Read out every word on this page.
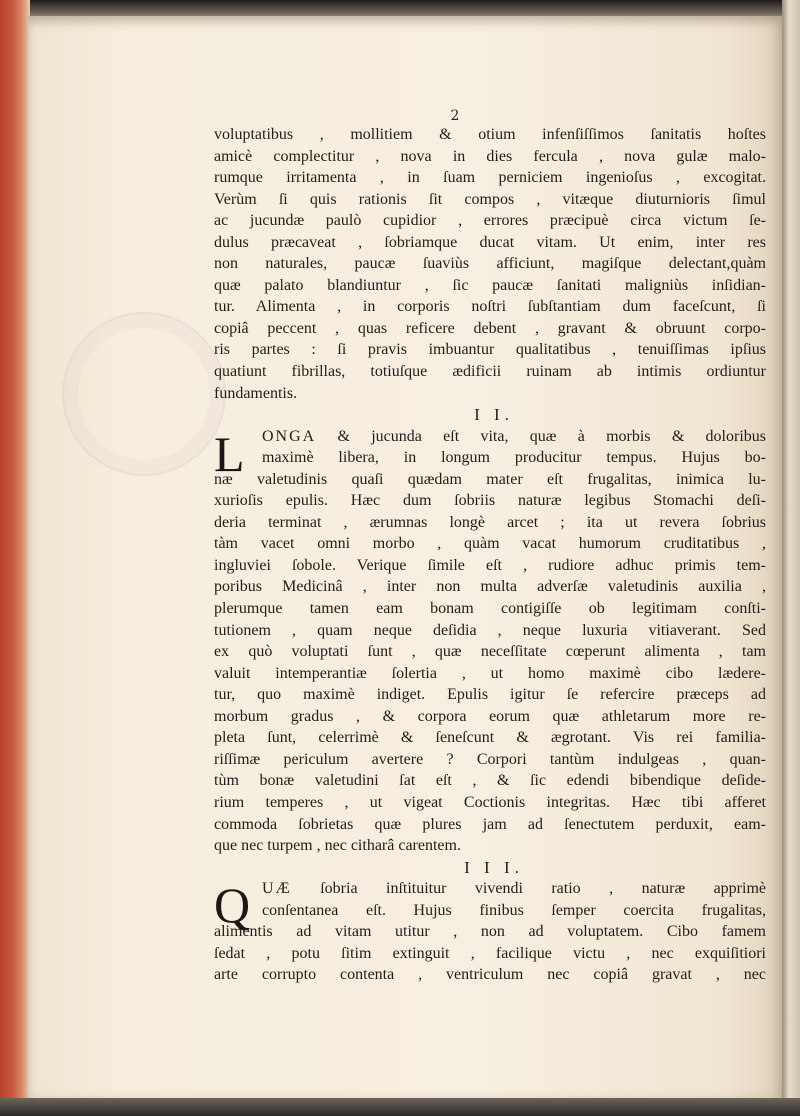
2
voluptatibus , mollitiem & otium infenſiſſimos ſanitatis hoſtes
amicè complectitur , nova in dies fercula , nova gulæ malo-
rumque irritamenta , in ſuam perniciem ingenioſus , excogitat.
Verùm ſi quis rationis ſit compos , vitæque diuturnioris ſimul
ac jucundæ paulò cupidior , errores præcipuè circa victum ſe-
dulus præcaveat , ſobriamque ducat vitam. Ut enim, inter res
non naturales, paucæ ſuaviùs afficiunt, magiſque delectant,quàm
quæ palato blandiuntur , ſic paucæ ſanitati maligniùs inſidian-
tur. Alimenta , in corporis noſtri ſubſtantiam dum faceſcunt, ſi
copiâ peccent , quas reficere debent , gravant & obruunt corpo-
ris partes : ſi pravis imbuantur qualitatibus , tenuiſſimas ipſius
quatiunt fibrillas, totiuſque ædificii ruinam ab intimis ordiuntur
fundamentis.
I I.
L	ONGA & jucunda eſt vita, quæ à morbis & doloribus
maximè libera, in longum producitur tempus. Hujus bo-
næ valetudinis quaſi quædam mater eſt frugalitas, inimica lu-
xurioſis epulis. Hæc dum ſobriis naturæ legibus Stomachi deſi-
deria terminat , ærumnas longè arcet ; ita ut revera ſobrius
tàm vacet omni morbo , quàm vacat humorum cruditatibus ,
ingluviei ſobole. Verique ſimile eſt , rudiore adhuc primis tem-
poribus Medicinâ , inter non multa adverſæ valetudinis auxilia ,
plerumque tamen eam bonam contigiſſe ob legitimam conſti-
tutionem , quam neque deſidia , neque luxuria vitiaverant. Sed
ex quò voluptati ſunt , quæ neceſſitate cœperunt alimenta , tam
valuit intemperantiæ ſolertia , ut homo maximè cibo lædere-
tur, quo maximè indiget. Epulis igitur ſe refercire præceps ad
morbum gradus , & corpora eorum quæ athletarum more re-
pleta ſunt, celerrimè & ſeneſcunt & ægrotant. Vis rei familia-
riſſimæ periculum avertere ? Corpori tantùm indulgeas , quan-
tùm bonæ valetudini ſat eſt , & ſic edendi bibendique deſide-
rium temperes , ut vigeat Coctionis integritas. Hæc tibi afferet
commoda ſobrietas quæ plures jam ad ſenectutem perduxit, eam-
que nec turpem , nec citharâ carentem.
I I I.
Q UÆ ſobria inſtituitur vivendi ratio , naturæ apprimè
conſentanea eſt. Hujus finibus ſemper coercita frugalitas,
alimentis ad vitam utitur , non ad voluptatem. Cibo famem
ſedat , potu ſitim extinguit , facilique victu , nec exquiſitiori
arte corrupto contenta , ventriculum nec copiâ gravat , nec
